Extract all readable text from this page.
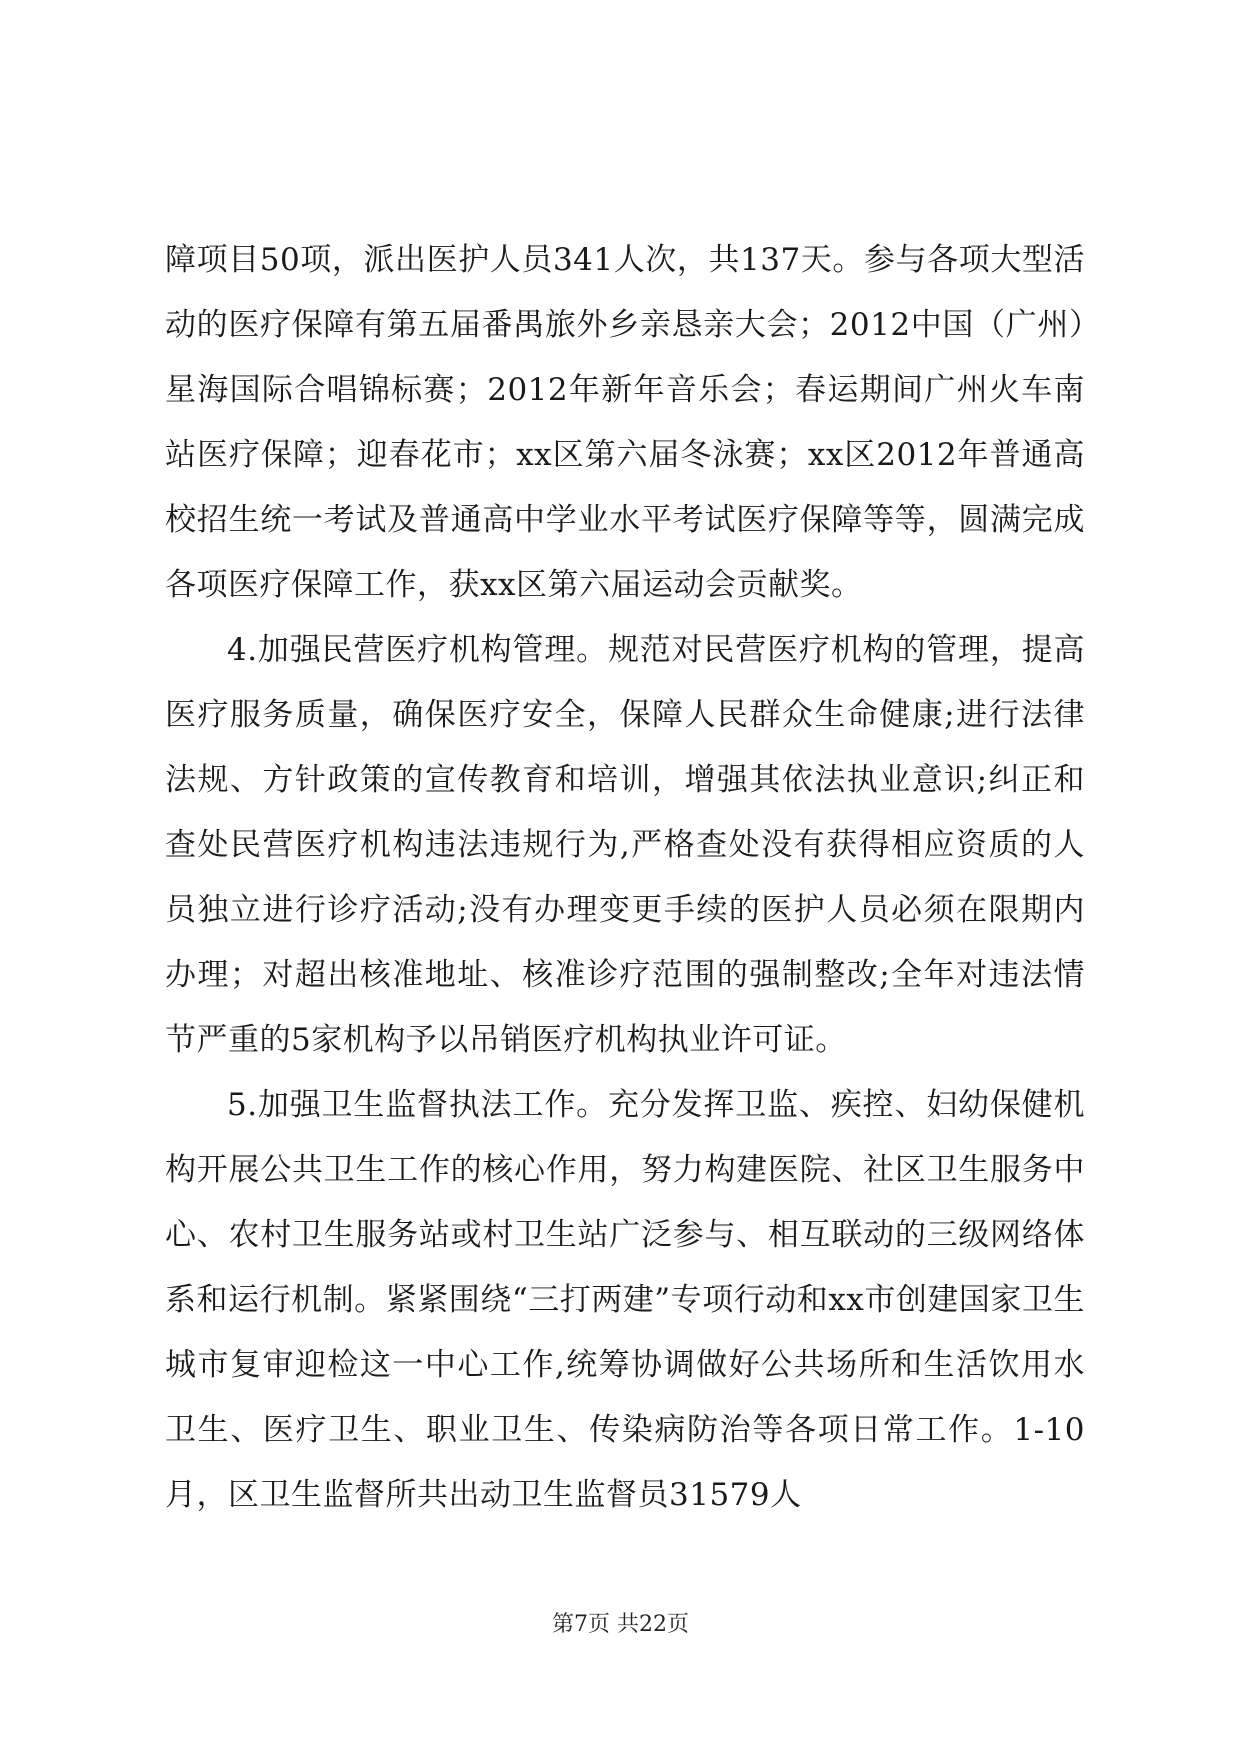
障项目50项，派出医护人员341人次，共137天。参与各项大型活动的医疗保障有第五届番禺旅外乡亲恳亲大会；2012中国（广州）星海国际合唱锦标赛；2012年新年音乐会；春运期间广州火车南站医疗保障；迎春花市；xx区第六届冬泳赛；xx区2012年普通高校招生统一考试及普通高中学业水平考试医疗保障等等，圆满完成各项医疗保障工作，获xx区第六届运动会贡献奖。

4.加强民营医疗机构管理。规范对民营医疗机构的管理，提高医疗服务质量，确保医疗安全，保障人民群众生命健康;进行法律法规、方针政策的宣传教育和培训，增强其依法执业意识;纠正和查处民营医疗机构违法违规行为,严格查处没有获得相应资质的人员独立进行诊疗活动;没有办理变更手续的医护人员必须在限期内办理；对超出核准地址、核准诊疗范围的强制整改;全年对违法情节严重的5家机构予以吊销医疗机构执业许可证。

5.加强卫生监督执法工作。充分发挥卫监、疾控、妇幼保健机构开展公共卫生工作的核心作用，努力构建医院、社区卫生服务中心、农村卫生服务站或村卫生站广泛参与、相互联动的三级网络体系和运行机制。紧紧围绕“三打两建”专项行动和xx市创建国家卫生城市复审迎检这一中心工作,统筹协调做好公共场所和生活饮用水卫生、医疗卫生、职业卫生、传染病防治等各项日常工作。1-10月，区卫生监督所共出动卫生监督员31579人

第7页 共22页
